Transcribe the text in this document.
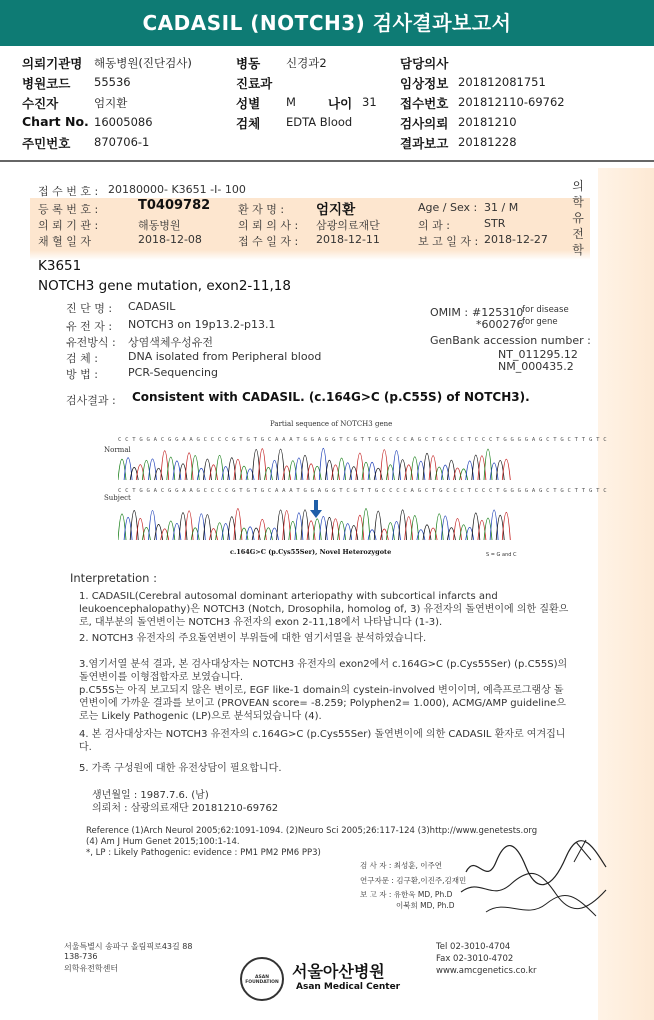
CADASIL (NOTCH3) 검사결과보고서
의뢰기관명 해동병원(진단검사)
병원코드 55536
수진자	엄지환
Chart No. 16005086
주민번호 870706-1
병동 신경과2
진료과
성별 M	나이 31
검체 EDTA Blood
담당의사
임상정보 201812081751
접수번호 201812110-69762
검사의뢰 20181210
결과보고 20181228
의학유전학
접 수 번 호 : 20180000- K3651 -I- 100
등 록 번 호 :	T0409782	환 자 명 : 엄지환	Age / Sex : 31 / M
의 뢰 기 관 :	해동병원	의 뢰 의 사 : 삼광의료재단	의 과 :	STR
채 혈 일 자	2018-12-08	접 수 일 자 : 2018-12-11	보 고 일 자 : 2018-12-27
K3651
NOTCH3 gene mutation, exon2-11,18
진 단 명 : CADASIL
유 전 자 : NOTCH3 on 19p13.2-p13.1
유전방식 : 상염색체우성유전
검 체 :	DNA isolated from Peripheral blood
방 법 :	PCR-Sequencing
OMIM : #125310
for disease
*600276
for gene
GenBank accession number :
NT_011295.12
NM_000435.2
검사결과 : Consistent with CADASIL. (c.164G>C (p.C55S) of NOTCH3).
Partial sequence of NOTCH3 gene
Normal
Subject
C C T G G A C G G A A G C C C C G T G T G C A A A T G G A G G T C G T T G C C C C A G C T G C C C T C C C T G G G G A G C T G C T T G T C
C C T G G A C G G A A G C C C C G T G T G C A A A T G G A G G T C G T T G C C C C A G C T G C C C T C C C T G G G G A G C T G C T T G T C
c.164G>C (p.Cys55Ser), Novel Heterozygote	S = G and C
Interpretation :
1. CADASIL(Cerebral autosomal dominant arteriopathy with subcortical infarcts and leukoencephalopathy)은 NOTCH3 (Notch, Drosophila, homolog of, 3) 유전자의 돌연변이에 의한 질환으로, 대부분의 돌연변이는 NOTCH3 유전자의 exon 2-11,18에서 나타납니다 (1-3).
2. NOTCH3 유전자의 주요돌연변이 부위들에 대한 염기서열을 분석하였습니다.
3.염기서열 분석 결과, 본 검사대상자는 NOTCH3 유전자의 exon2에서 c.164G>C (p.Cys55Ser) (p.C55S)의 돌연변이를 이형접합자로 보였습니다.
p.C55S는 아직 보고되지 않은 변이로, EGF like-1 domain의 cystein-involved 변이이며, 예측프로그램상 돌연변이에 가까운 결과를 보이고 (PROVEAN score= -8.259; Polyphen2= 1.000), ACMG/AMP guideline으로는 Likely Pathogenic (LP)으로 분석되었습니다 (4).
4. 본 검사대상자는 NOTCH3 유전자의 c.164G>C (p.Cys55Ser) 돌연변이에 의한 CADASIL 환자로 여겨집니다.
5. 가족 구성원에 대한 유전상담이 필요합니다.
생년월일 : 1987.7.6. (남)
의뢰처 : 삼광의료재단 20181210-69762
Reference (1)Arch Neurol 2005;62:1091-1094. (2)Neuro Sci 2005;26:117-124 (3)http://www.genetests.org
(4) Am J Hum Genet 2015;100:1-14.
*, LP : Likely Pathogenic: evidence : PM1 PM2 PM6 PP3)
검 사 자 : 최성훈, 이주연
연구자문 : 김구환,이진주,김재민
보 고 자 : 유한욱 MD, Ph.D
이북희 MD, Ph.D
서울특별시 송파구 올림픽로43길 88
138-736
의학유전학센터
ASAN FOUNDATION
서울아산병원
Asan Medical Center
Tel 02-3010-4704
Fax 02-3010-4702
www.amcgenetics.co.kr
